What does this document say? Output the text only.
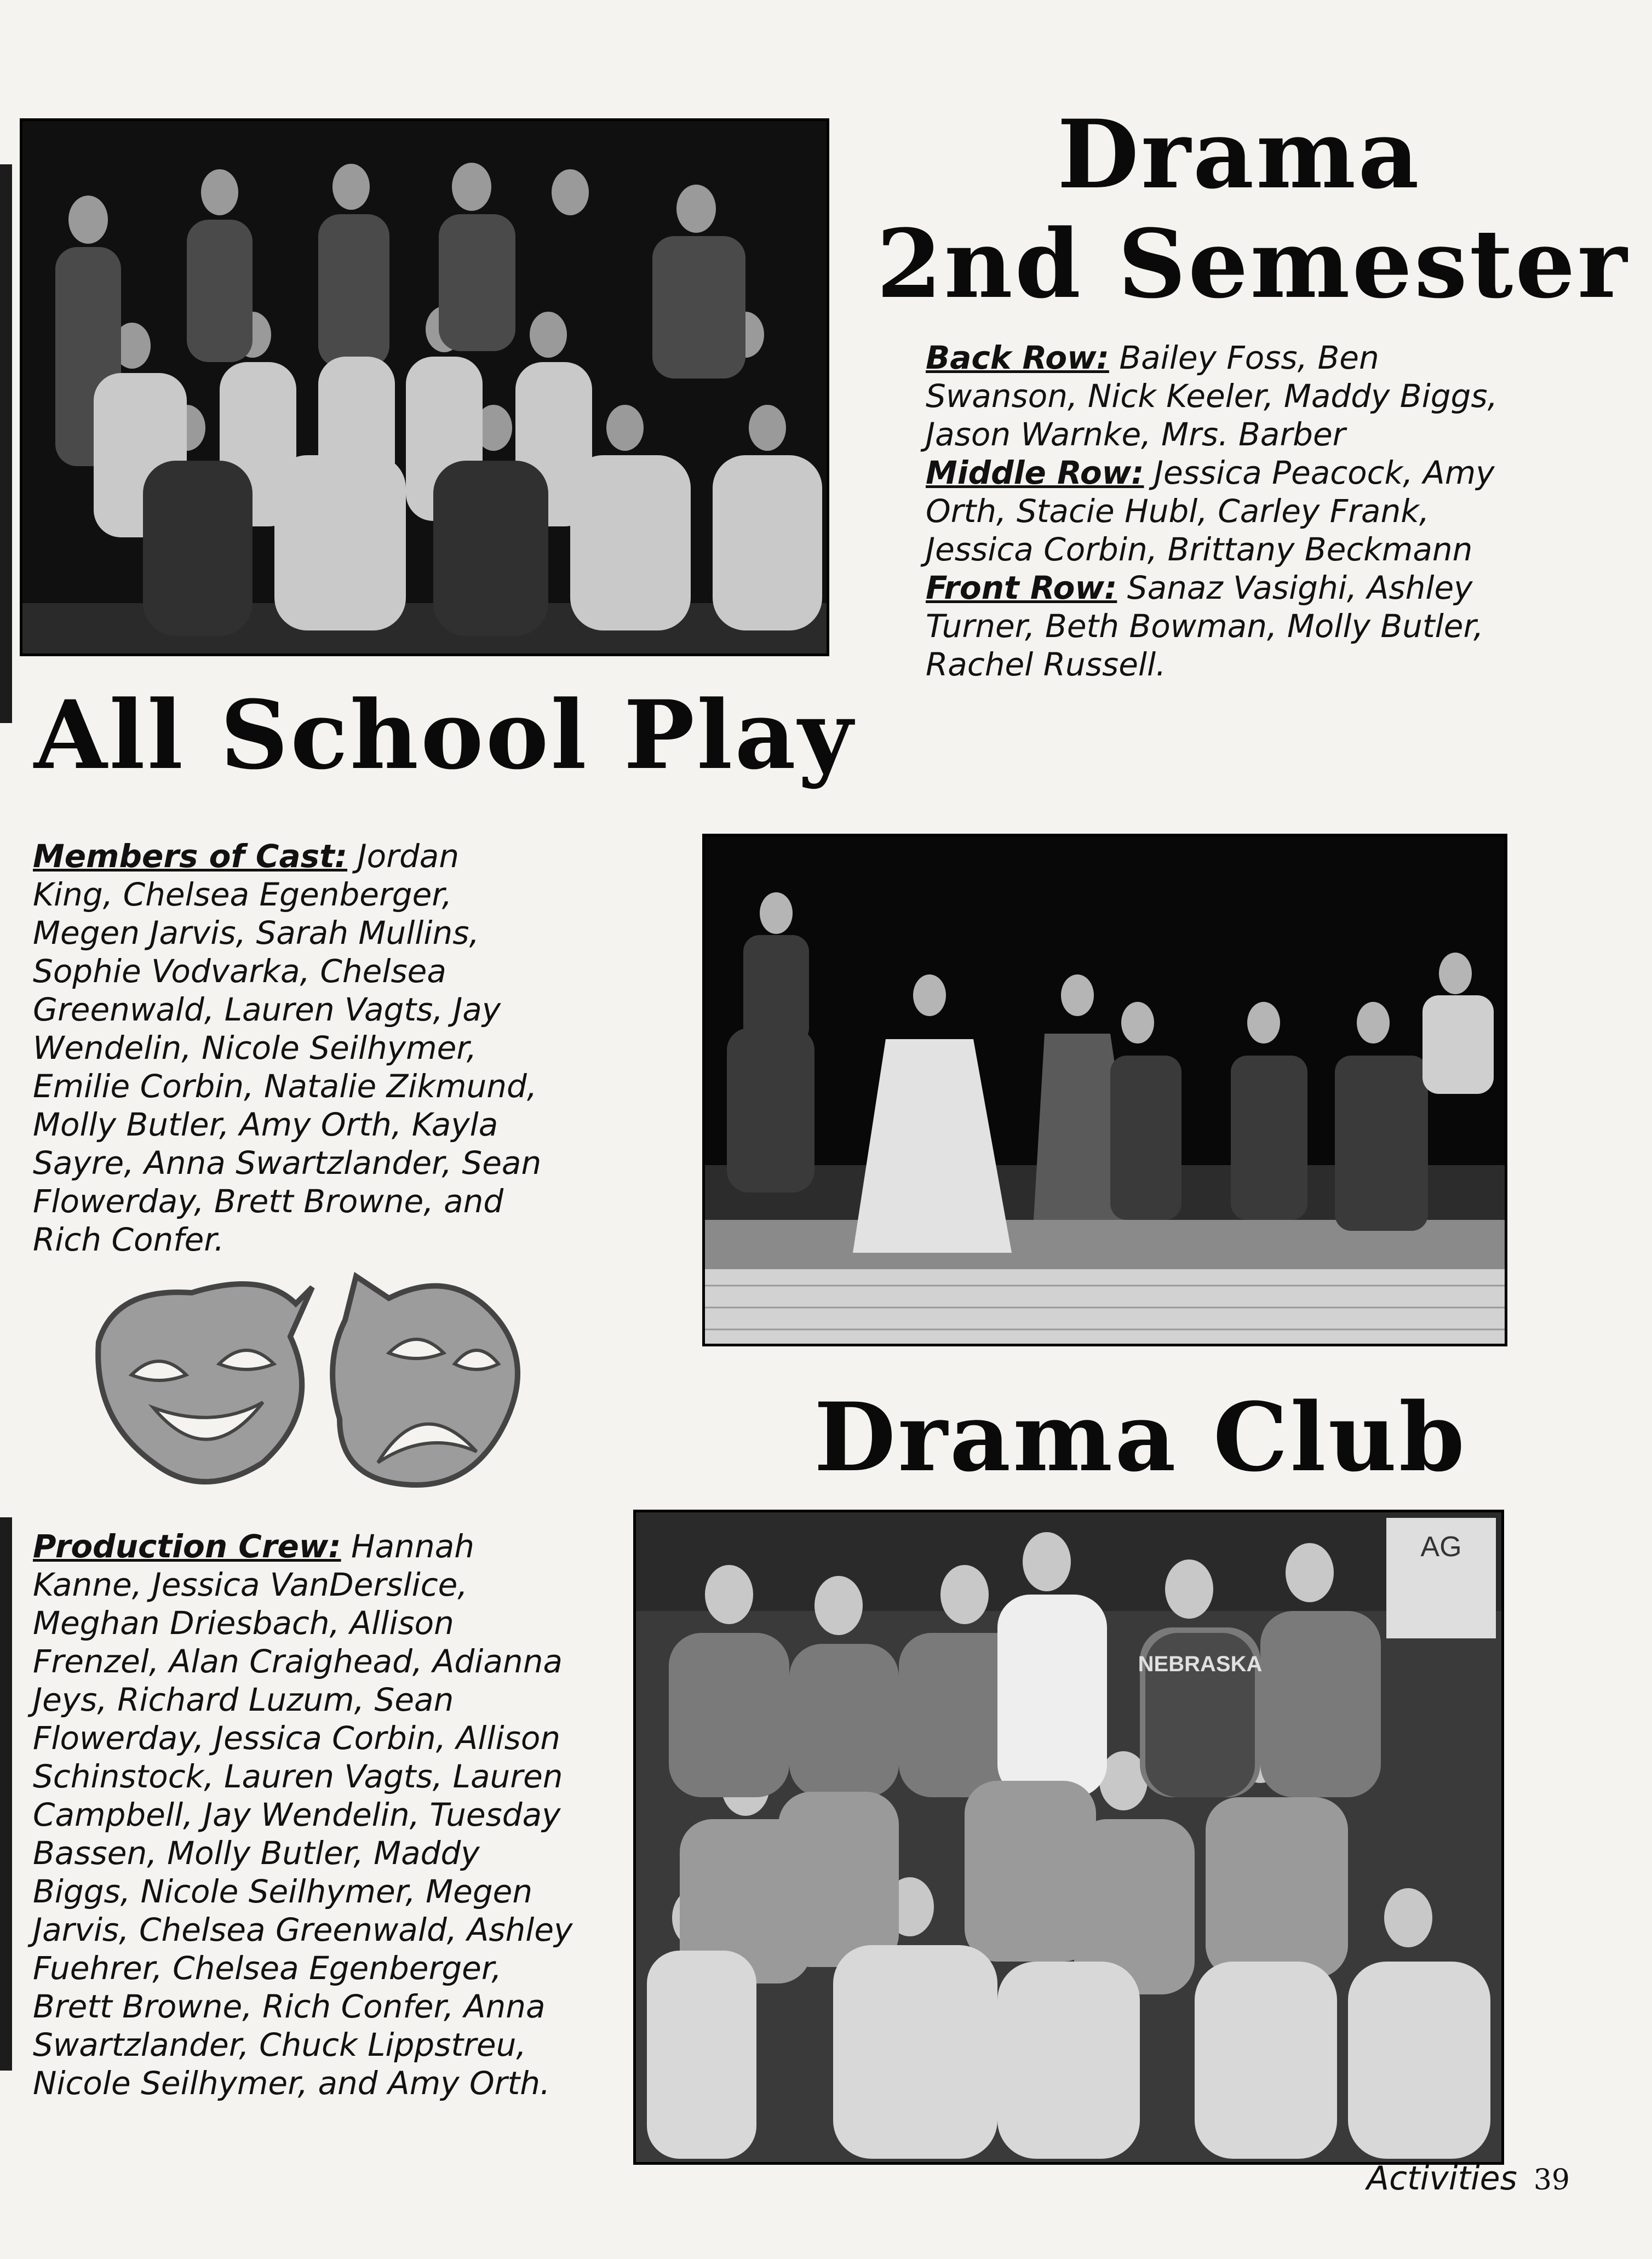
Drama
2nd Semester
Back Row: Bailey Foss, Ben Swanson, Nick Keeler, Maddy Biggs, Jason Warnke, Mrs. Barber
Middle Row: Jessica Peacock, Amy Orth, Stacie Hubl, Carley Frank, Jessica Corbin, Brittany Beckmann
Front Row: Sanaz Vasighi, Ashley Turner, Beth Bowman, Molly Butler, Rachel Russell.
All School Play
Members of Cast: Jordan King, Chelsea Egenberger, Megen Jarvis, Sarah Mullins, Sophie Vodvarka, Chelsea Greenwald, Lauren Vagts, Jay Wendelin, Nicole Seilhymer, Emilie Corbin, Natalie Zikmund, Molly Butler, Amy Orth, Kayla Sayre, Anna Swartzlander, Sean Flowerday, Brett Browne, and Rich Confer.
Drama Club
AG
NEBRASKA
Production Crew: Hannah Kanne, Jessica VanDerslice, Meghan Driesbach, Allison Frenzel, Alan Craighead, Adianna Jeys, Richard Luzum, Sean Flowerday, Jessica Corbin, Allison Schinstock, Lauren Vagts, Lauren Campbell, Jay Wendelin, Tuesday Bassen, Molly Butler, Maddy Biggs, Nicole Seilhymer, Megen Jarvis, Chelsea Greenwald, Ashley Fuehrer, Chelsea Egenberger, Brett Browne, Rich Confer, Anna Swartzlander, Chuck Lippstreu, Nicole Seilhymer, and Amy Orth.
Activities 39
